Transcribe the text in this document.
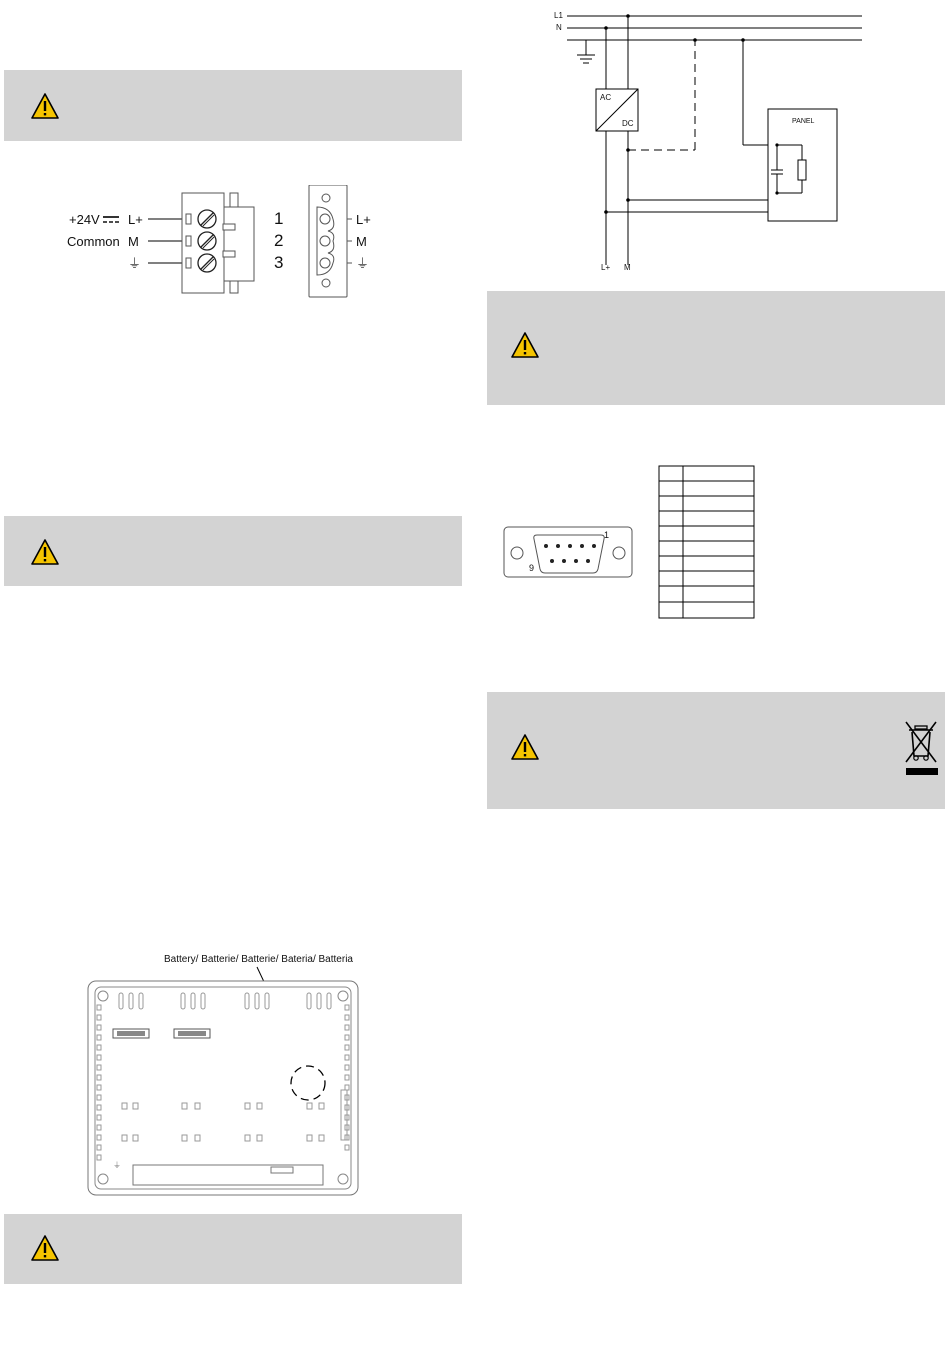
+24V L+
Common M
⏚
1
2
3
L+
M
⏚
Battery/ Batterie/ Batterie/ Bateria/ Batteria
⏚
L1
N
AC
DC	PANEL
L+ M
1
9
